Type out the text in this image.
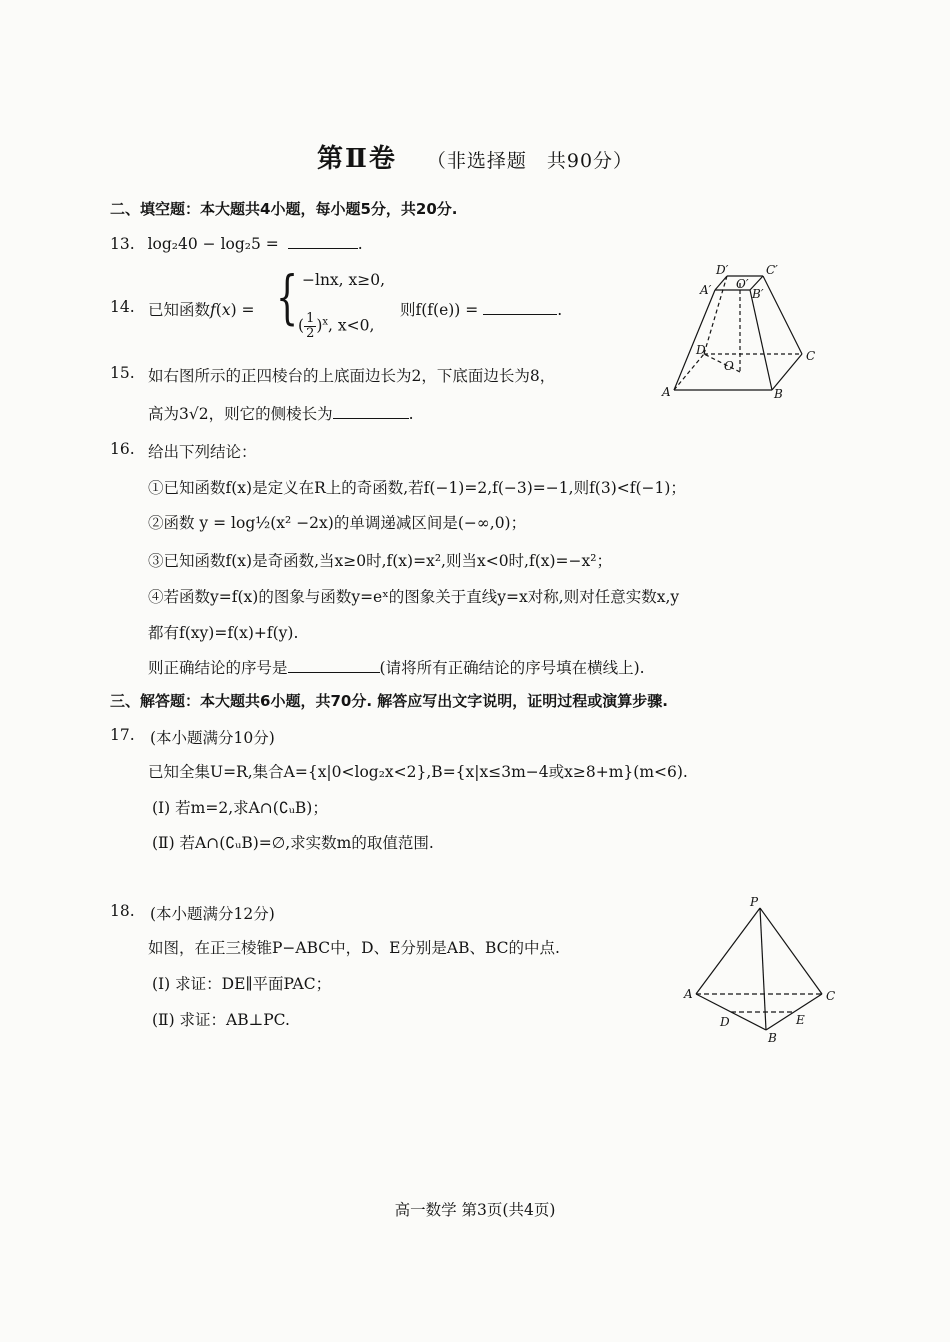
第Ⅱ卷 （非选择题　共90分）
二、填空题：本大题共4小题，每小题5分，共20分.
13. log₂40 − log₂5 =	.
14. 已知函数f(x) = { −lnx, x≥0,
( $\frac{1}{2} )^x$, x<0,
则f(f(e)) =	.
15. 如右图所示的正四棱台的上底面边长为2，下底面边长为8，
高为3√2，则它的侧棱长为	.
D′	C′
A′ O′
B′
D
O
C
A	B
16. 给出下列结论：
①已知函数f(x)是定义在R上的奇函数,若f(−1)=2,f(−3)=−1,则f(3)<f(−1)；
②函数 y = log½(x² −2x)的单调递减区间是(−∞,0)；
③已知函数f(x)是奇函数,当x≥0时,f(x)=x²,则当x<0时,f(x)=−x²；
④若函数y=f(x)的图象与函数y=eˣ的图象关于直线y=x对称,则对任意实数x,y
都有f(xy)=f(x)+f(y).
则正确结论的序号是	(请将所有正确结论的序号填在横线上).
三、解答题：本大题共6小题，共70分. 解答应写出文字说明，证明过程或演算步骤.
17. (本小题满分10分)
已知全集U=R,集合A={x|0<log₂x<2},B={x|x≤3m−4或x≥8+m}(m<6).
(Ⅰ) 若m=2,求A∩(∁ᵤB)；
(Ⅱ) 若A∩(∁ᵤB)=∅,求实数m的取值范围.
18. (本小题满分12分)
如图，在正三棱锥P−ABC中，D、E分别是AB、BC的中点.
(Ⅰ) 求证：DE∥平面PAC；
(Ⅱ) 求证：AB⊥PC.
P
A	C
D	E
B
高一数学 第3页(共4页)
